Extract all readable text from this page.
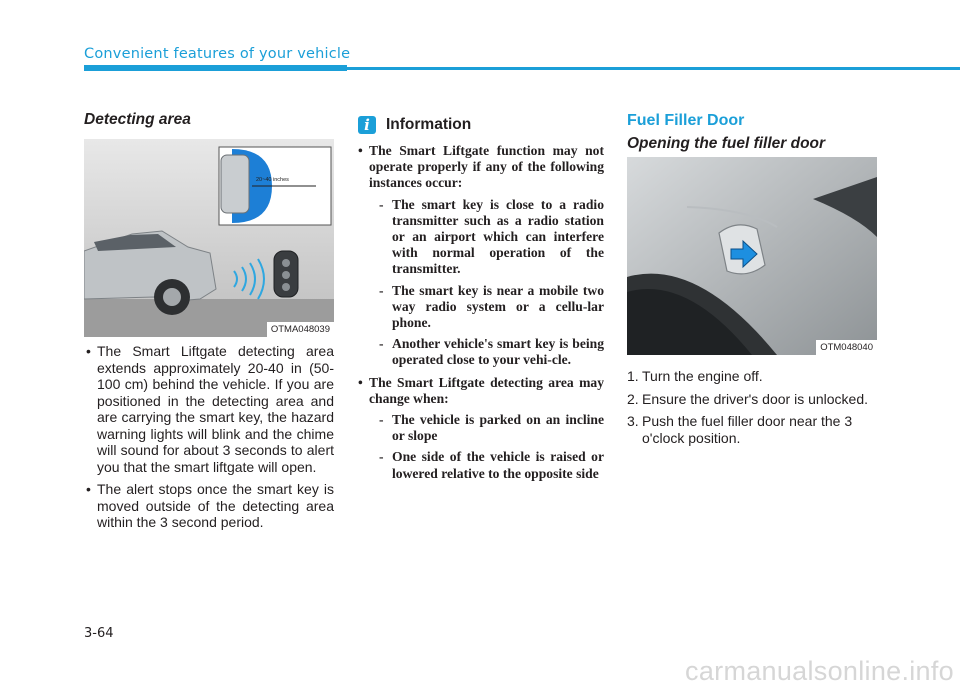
Convenient features of your vehicle
Detecting area
20~40 inches
OTMA048039
• The Smart Liftgate detecting area extends approximately 20-40 in (50-100 cm) behind the vehicle. If you are positioned in the detecting area and are carrying the smart key, the hazard warning lights will blink and the chime will sound for about 3 seconds to alert you that the smart liftgate will open.
• The alert stops once the smart key is moved outside of the detecting area within the 3 second period.
i	Information
• The Smart Liftgate function may not operate properly if any of the following instances occur:
- The smart key is close to a radio transmitter such as a radio station or an airport which can interfere with normal operation of the transmitter.
- The smart key is near a mobile two way radio system or a cellu-lar phone.
- Another vehicle's smart key is being operated close to your vehi-cle.
• The Smart Liftgate detecting area may change when:
- The vehicle is parked on an incline or slope
- One side of the vehicle is raised or lowered relative to the opposite side
Fuel Filler Door
Opening the fuel filler door
OTM048040
1. Turn the engine off.
2. Ensure the driver's door is unlocked.
3. Push the fuel filler door near the 3 o'clock position.
3-64
carmanualsonline.info
